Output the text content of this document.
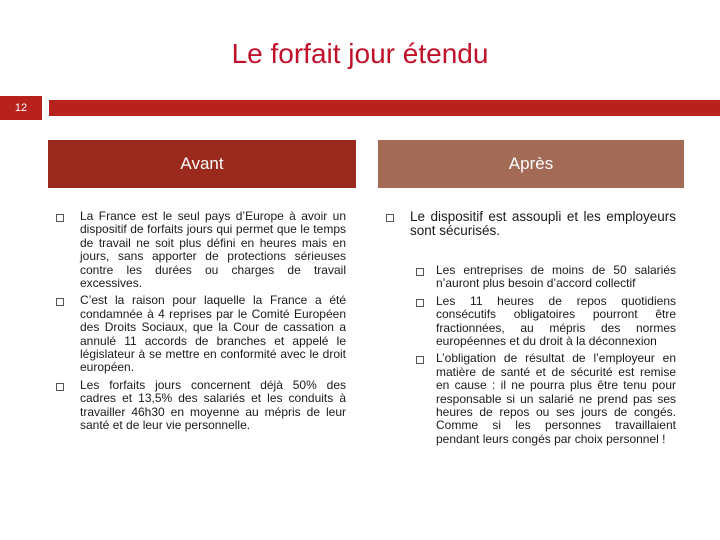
Le forfait jour étendu
12
Avant	Après
La France est le seul pays d’Europe à avoir un dispositif de forfaits jours qui permet que le temps de travail ne soit plus défini en heures mais en jours, sans apporter de protections sérieuses contre les durées ou charges de travail excessives.
C’est la raison pour laquelle la France a été condamnée à 4 reprises par le Comité Européen des Droits Sociaux, que la Cour de cassation a annulé 11 accords de branches et appelé le législateur à se mettre en conformité avec le droit européen.
Les forfaits jours concernent déjà 50% des cadres et 13,5% des salariés et les conduits à travailler 46h30 en moyenne au mépris de leur santé et de leur vie personnelle.
Le dispositif est assoupli et les employeurs sont sécurisés.
Les entreprises de moins de 50 salariés n’auront plus besoin d’accord collectif
Les 11 heures de repos quotidiens consécutifs obligatoires pourront être fractionnées, au mépris des normes européennes et du droit à la déconnexion
L’obligation de résultat de l’employeur en matière de santé et de sécurité est remise en cause : il ne pourra plus être tenu pour responsable si un salarié ne prend pas ses heures de repos ou ses jours de congés. Comme si les personnes travaillaient pendant leurs congés par choix personnel !
